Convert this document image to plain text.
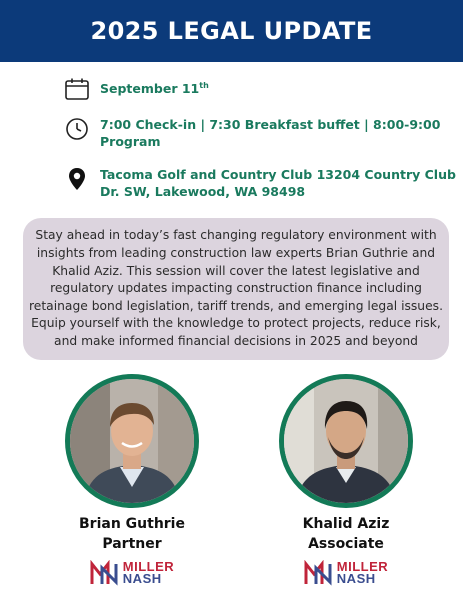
2025 LEGAL UPDATE
September 11th
7:00 Check-in | 7:30 Breakfast buffet | 8:00-9:00
Program
Tacoma Golf and Country Club 13204 Country Club
Dr. SW, Lakewood, WA 98498
Stay ahead in today’s fast changing regulatory environment with
insights from leading construction law experts Brian Guthrie and
Khalid Aziz. This session will cover the latest legislative and
regulatory updates impacting construction finance including
retainage bond legislation, tariff trends, and emerging legal issues.
Equip yourself with the knowledge to protect projects, reduce risk,
and make informed financial decisions in 2025 and beyond
Brian Guthrie
Partner
MILLER
NASH
Khalid Aziz
Associate
MILLER
NASH
